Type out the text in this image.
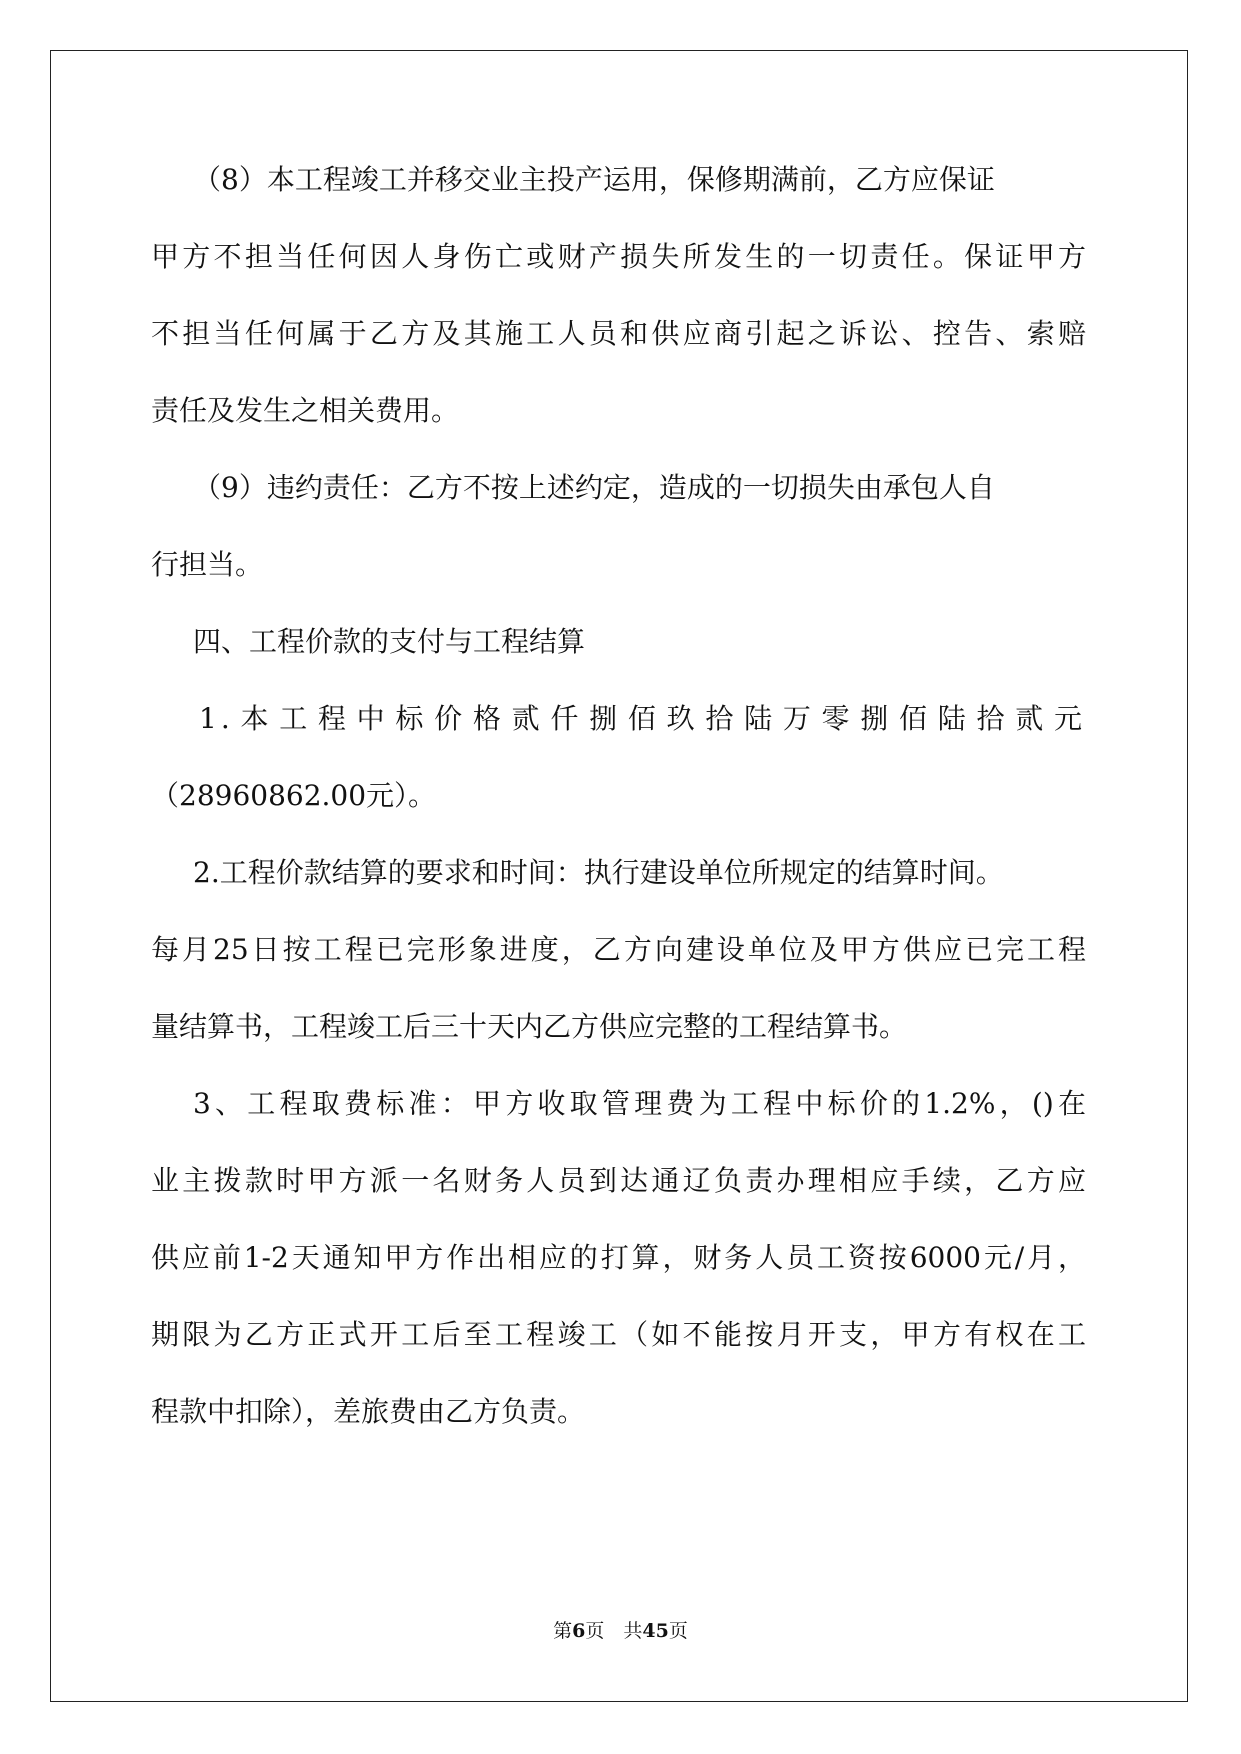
（8）本工程竣工并移交业主投产运用，保修期满前，乙方应保证
甲方不担当任何因人身伤亡或财产损失所发生的一切责任。保证甲方
不担当任何属于乙方及其施工人员和供应商引起之诉讼、控告、索赔
责任及发生之相关费用。
（9）违约责任：乙方不按上述约定，造成的一切损失由承包人自
行担当。
四、工程价款的支付与工程结算
1.本工程中标价格贰仟捌佰玖拾陆万零捌佰陆拾贰元
（28960862.00元）。
2.工程价款结算的要求和时间：执行建设单位所规定的结算时间。
每月25日按工程已完形象进度，乙方向建设单位及甲方供应已完工程
量结算书，工程竣工后三十天内乙方供应完整的工程结算书。
3、工程取费标准：甲方收取管理费为工程中标价的1.2%，()在
业主拨款时甲方派一名财务人员到达通辽负责办理相应手续，乙方应
供应前1-2天通知甲方作出相应的打算，财务人员工资按6000元/月，
期限为乙方正式开工后至工程竣工（如不能按月开支，甲方有权在工
程款中扣除），差旅费由乙方负责。
第6页　共45页
